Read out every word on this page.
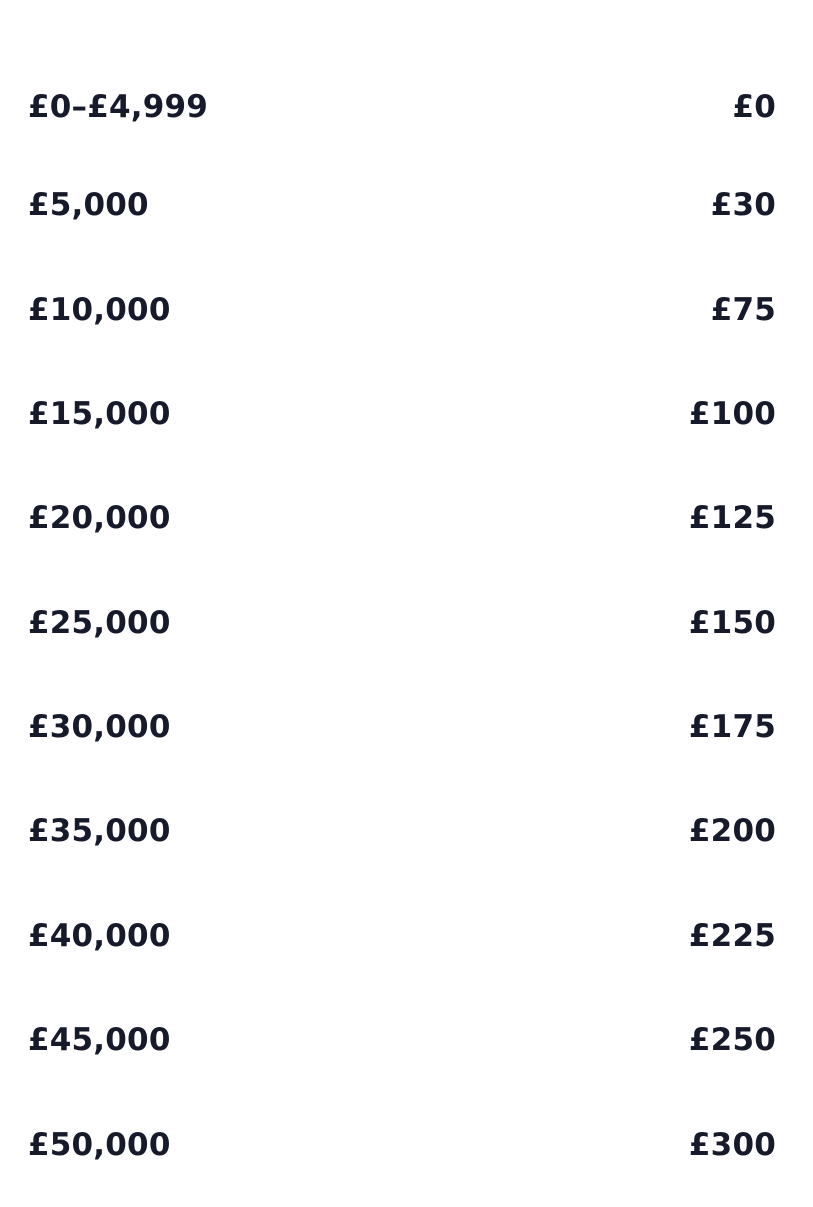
£0–£4,999	£0
£5,000	£30
£10,000	£75
£15,000	£100
£20,000	£125
£25,000	£150
£30,000	£175
£35,000	£200
£40,000	£225
£45,000	£250
£50,000	£300
